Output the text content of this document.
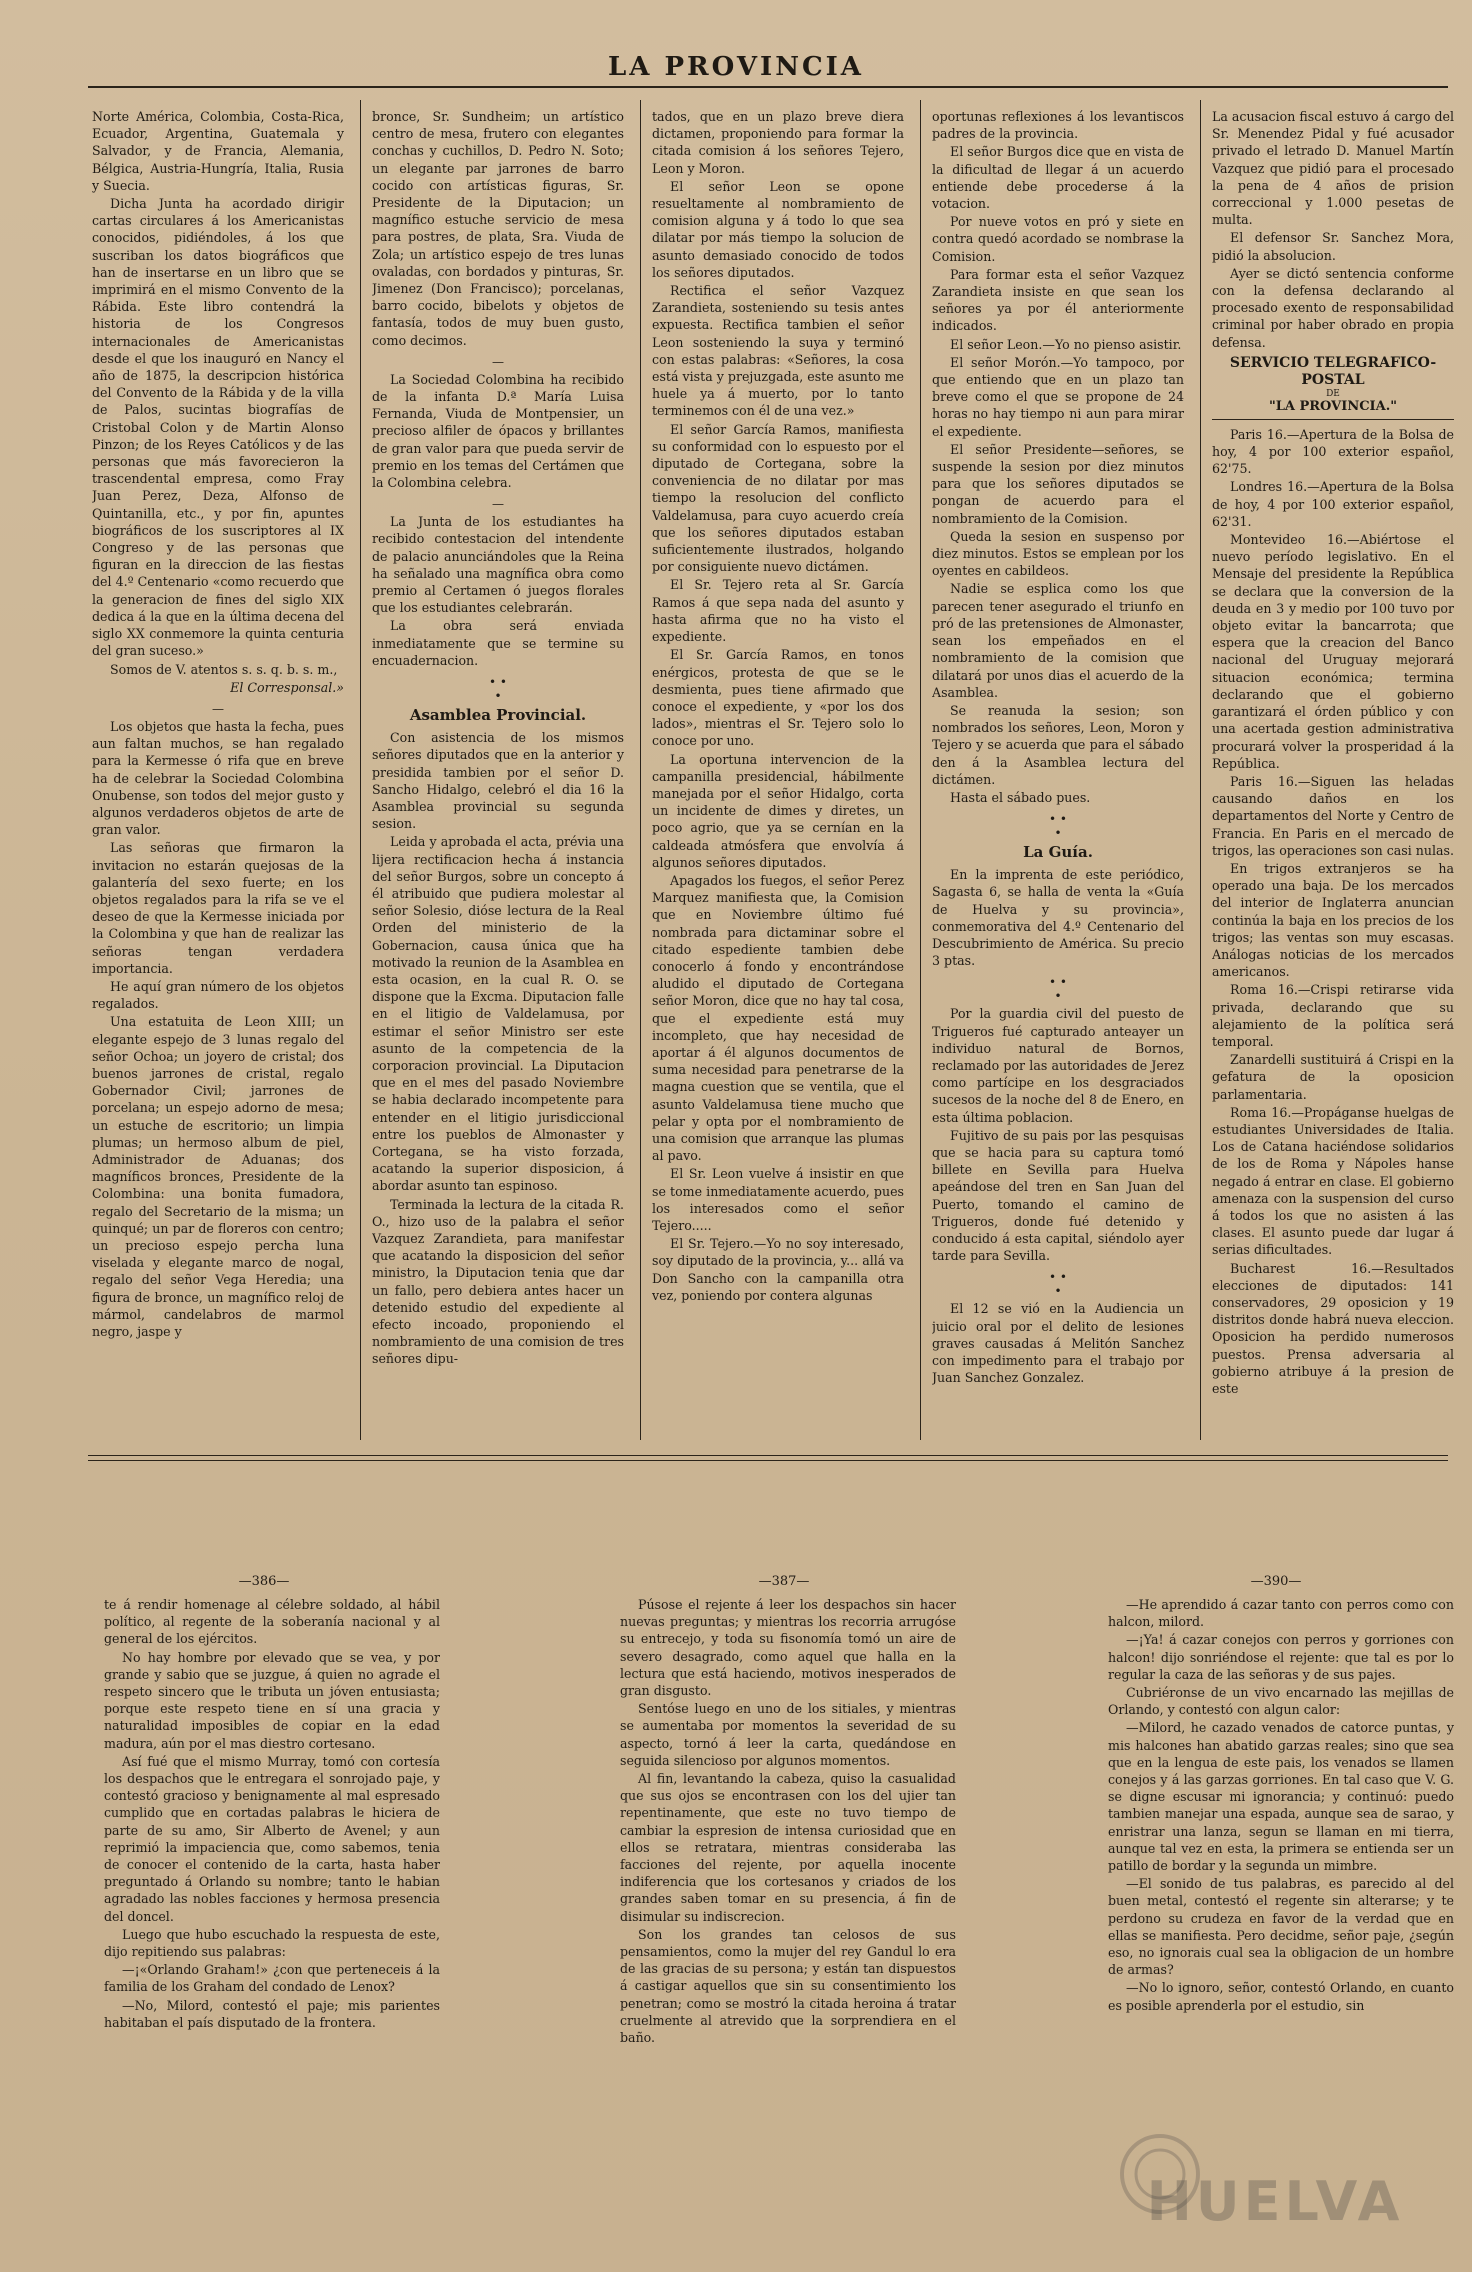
LA PROVINCIA

Norte América, Colombia, Costa-Rica, Ecuador, Argentina, Guatemala y Salvador, y de Francia, Alemania, Bélgica, Austria-Hungría, Italia, Rusia y Suecia.

Dicha Junta ha acordado dirigir cartas circulares á los Americanistas conocidos, pidiéndoles, á los que suscriban los datos biográficos que han de insertarse en un libro que se imprimirá en el mismo Convento de la Rábida. Este libro contendrá la historia de los Congresos internacionales de Americanistas desde el que los inauguró en Nancy el año de 1875, la descripcion histórica del Convento de la Rábida y de la villa de Palos, sucintas biografías de Cristobal Colon y de Martin Alonso Pinzon; de los Reyes Católicos y de las personas que más favorecieron la trascendental empresa, como Fray Juan Perez, Deza, Alfonso de Quintanilla, etc., y por fin, apuntes biográficos de los suscriptores al IX Congreso y de las personas que figuran en la direccion de las fiestas del 4.º Centenario «como recuerdo que la generacion de fines del siglo XIX dedica á la que en la última decena del siglo XX conmemore la quinta centuria del gran suceso.»

Somos de V. atentos s. s. q. b. s. m.,

El Corresponsal.»
—

Los objetos que hasta la fecha, pues aun faltan muchos, se han regalado para la Kermesse ó rifa que en breve ha de celebrar la Sociedad Colombina Onubense, son todos del mejor gusto y algunos verdaderos objetos de arte de gran valor.

Las señoras que firmaron la invitacion no estarán quejosas de la galantería del sexo fuerte; en los objetos regalados para la rifa se ve el deseo de que la Kermesse iniciada por la Colombina y que han de realizar las señoras tengan verdadera importancia.

He aquí gran número de los objetos regalados.

Una estatuita de Leon XIII; un elegante espejo de 3 lunas regalo del señor Ochoa; un joyero de cristal; dos buenos jarrones de cristal, regalo Gobernador Civil; jarrones de porcelana; un espejo adorno de mesa; un estuche de escritorio; un limpia plumas; un hermoso album de piel, Administrador de Aduanas; dos magníficos bronces, Presidente de la Colombina: una bonita fumadora, regalo del Secretario de la misma; un quinqué; un par de floreros con centro; un precioso espejo percha luna viselada y elegante marco de nogal, regalo del señor Vega Heredia; una figura de bronce, un magnífico reloj de mármol, candelabros de marmol negro, jaspe y

bronce, Sr. Sundheim; un artístico centro de mesa, frutero con elegantes conchas y cuchillos, D. Pedro N. Soto; un elegante par jarrones de barro cocido con artísticas figuras, Sr. Presidente de la Diputacion; un magnífico estuche servicio de mesa para postres, de plata, Sra. Viuda de Zola; un artístico espejo de tres lunas ovaladas, con bordados y pinturas, Sr. Jimenez (Don Francisco); porcelanas, barro cocido, bibelots y objetos de fantasía, todos de muy buen gusto, como decimos.

—

La Sociedad Colombina ha recibido de la infanta D.ª María Luisa Fernanda, Viuda de Montpensier, un precioso alfiler de ópacos y brillantes de gran valor para que pueda servir de premio en los temas del Certámen que la Colombina celebra.

—

La Junta de los estudiantes ha recibido contestacion del intendente de palacio anunciándoles que la Reina ha señalado una magnífica obra como premio al Certamen ó juegos florales que los estudiantes celebrarán.

La obra será enviada inmediatamente que se termine su encuadernacion.

• •
•
Asamblea Provincial.

Con asistencia de los mismos señores diputados que en la anterior y presidida tambien por el señor D. Sancho Hidalgo, celebró el dia 16 la Asamblea provincial su segunda sesion.

Leida y aprobada el acta, prévia una lijera rectificacion hecha á instancia del señor Burgos, sobre un concepto á él atribuido que pudiera molestar al señor Solesio, dióse lectura de la Real Orden del ministerio de la Gobernacion, causa única que ha motivado la reunion de la Asamblea en esta ocasion, en la cual R. O. se dispone que la Excma. Diputacion falle en el litigio de Valdelamusa, por estimar el señor Ministro ser este asunto de la competencia de la corporacion provincial. La Diputacion que en el mes del pasado Noviembre se habia declarado incompetente para entender en el litigio jurisdiccional entre los pueblos de Almonaster y Cortegana, se ha visto forzada, acatando la superior disposicion, á abordar asunto tan espinoso.

Terminada la lectura de la citada R. O., hizo uso de la palabra el señor Vazquez Zarandieta, para manifestar que acatando la disposicion del señor ministro, la Diputacion tenia que dar un fallo, pero debiera antes hacer un detenido estudio del expediente al efecto incoado, proponiendo el nombramiento de una comision de tres señores dipu-

tados, que en un plazo breve diera dictamen, proponiendo para formar la citada comision á los señores Tejero, Leon y Moron.

El señor Leon se opone resueltamente al nombramiento de comision alguna y á todo lo que sea dilatar por más tiempo la solucion de asunto demasiado conocido de todos los señores diputados.

Rectifica el señor Vazquez Zarandieta, sosteniendo su tesis antes expuesta. Rectifica tambien el señor Leon sosteniendo la suya y terminó con estas palabras: «Señores, la cosa está vista y prejuzgada, este asunto me huele ya á muerto, por lo tanto terminemos con él de una vez.»

El señor García Ramos, manifiesta su conformidad con lo espuesto por el diputado de Cortegana, sobre la conveniencia de no dilatar por mas tiempo la resolucion del conflicto Valdelamusa, para cuyo acuerdo creía que los señores diputados estaban suficientemente ilustrados, holgando por consiguiente nuevo dictámen.

El Sr. Tejero reta al Sr. García Ramos á que sepa nada del asunto y hasta afirma que no ha visto el expediente.

El Sr. García Ramos, en tonos enérgicos, protesta de que se le desmienta, pues tiene afirmado que conoce el expediente, y «por los dos lados», mientras el Sr. Tejero solo lo conoce por uno.

La oportuna intervencion de la campanilla presidencial, hábilmente manejada por el señor Hidalgo, corta un incidente de dimes y diretes, un poco agrio, que ya se cernían en la caldeada atmósfera que envolvía á algunos señores diputados.

Apagados los fuegos, el señor Perez Marquez manifiesta que, la Comision que en Noviembre último fué nombrada para dictaminar sobre el citado espediente tambien debe conocerlo á fondo y encontrándose aludido el diputado de Cortegana señor Moron, dice que no hay tal cosa, que el expediente está muy incompleto, que hay necesidad de aportar á él algunos documentos de suma necesidad para penetrarse de la magna cuestion que se ventila, que el asunto Valdelamusa tiene mucho que pelar y opta por el nombramiento de una comision que arranque las plumas al pavo.

El Sr. Leon vuelve á insistir en que se tome inmediatamente acuerdo, pues los interesados como el señor Tejero.....

El Sr. Tejero.—Yo no soy interesado, soy diputado de la provincia, y... allá va Don Sancho con la campanilla otra vez, poniendo por contera algunas

oportunas reflexiones á los levantiscos padres de la provincia.

El señor Burgos dice que en vista de la dificultad de llegar á un acuerdo entiende debe procederse á la votacion.

Por nueve votos en pró y siete en contra quedó acordado se nombrase la Comision.

Para formar esta el señor Vazquez Zarandieta insiste en que sean los señores ya por él anteriormente indicados.

El señor Leon.—Yo no pienso asistir.

El señor Morón.—Yo tampoco, por que entiendo que en un plazo tan breve como el que se propone de 24 horas no hay tiempo ni aun para mirar el expediente.

El señor Presidente—señores, se suspende la sesion por diez minutos para que los señores diputados se pongan de acuerdo para el nombramiento de la Comision.

Queda la sesion en suspenso por diez minutos. Estos se emplean por los oyentes en cabildeos.

Nadie se esplica como los que parecen tener asegurado el triunfo en pró de las pretensiones de Almonaster, sean los empeñados en el nombramiento de la comision que dilatará por unos dias el acuerdo de la Asamblea.

Se reanuda la sesion; son nombrados los señores, Leon, Moron y Tejero y se acuerda que para el sábado den á la Asamblea lectura del dictámen.

Hasta el sábado pues.

• •
•
La Guía.

En la imprenta de este periódico, Sagasta 6, se halla de venta la «Guía de Huelva y su provincia», conmemorativa del 4.º Centenario del Descubrimiento de América. Su precio 3 ptas.

• •
•

Por la guardia civil del puesto de Trigueros fué capturado anteayer un individuo natural de Bornos, reclamado por las autoridades de Jerez como partícipe en los desgraciados sucesos de la noche del 8 de Enero, en esta última poblacion.

Fujitivo de su pais por las pesquisas que se hacia para su captura tomó billete en Sevilla para Huelva apeándose del tren en San Juan del Puerto, tomando el camino de Trigueros, donde fué detenido y conducido á esta capital, siéndolo ayer tarde para Sevilla.

• •
•

El 12 se vió en la Audiencia un juicio oral por el delito de lesiones graves causadas á Melitón Sanchez con impedimento para el trabajo por Juan Sanchez Gonzalez.

La acusacion fiscal estuvo á cargo del Sr. Menendez Pidal y fué acusador privado el letrado D. Manuel Martín Vazquez que pidió para el procesado la pena de 4 años de prision correccional y 1.000 pesetas de multa.

El defensor Sr. Sanchez Mora, pidió la absolucion.

Ayer se dictó sentencia conforme con la defensa declarando al procesado exento de responsabilidad criminal por haber obrado en propia defensa.

SERVICIO TELEGRAFICO-POSTAL
DE
"LA PROVINCIA."

Paris 16.—Apertura de la Bolsa de hoy, 4 por 100 exterior español, 62'75.

Londres 16.—Apertura de la Bolsa de hoy, 4 por 100 exterior español, 62'31.

Montevideo 16.—Abiértose el nuevo período legislativo. En el Mensaje del presidente la República se declara que la conversion de la deuda en 3 y medio por 100 tuvo por objeto evitar la bancarrota; que espera que la creacion del Banco nacional del Uruguay mejorará situacion económica; termina declarando que el gobierno garantizará el órden público y con una acertada gestion administrativa procurará volver la prosperidad á la República.

Paris 16.—Siguen las heladas causando daños en los departamentos del Norte y Centro de Francia. En Paris en el mercado de trigos, las operaciones son casi nulas.

En trigos extranjeros se ha operado una baja. De los mercados del interior de Inglaterra anuncian continúa la baja en los precios de los trigos; las ventas son muy escasas. Análogas noticias de los mercados americanos.

Roma 16.—Crispi retirarse vida privada, declarando que su alejamiento de la política será temporal.

Zanardelli sustituirá á Crispi en la gefatura de la oposicion parlamentaria.

Roma 16.—Propáganse huelgas de estudiantes Universidades de Italia. Los de Catana haciéndose solidarios de los de Roma y Nápoles hanse negado á entrar en clase. El gobierno amenaza con la suspension del curso á todos los que no asisten á las clases. El asunto puede dar lugar á serias dificultades.

Bucharest 16.—Resultados elecciones de diputados: 141 conservadores, 29 oposicion y 19 distritos donde habrá nueva eleccion. Oposicion ha perdido numerosos puestos. Prensa adversaria al gobierno atribuye á la presion de este

—386—	—387—	—390—

te á rendir homenage al célebre soldado, al hábil político, al regente de la soberanía nacional y al general de los ejércitos.

No hay hombre por elevado que se vea, y por grande y sabio que se juzgue, á quien no agrade el respeto sincero que le tributa un jóven entusiasta; porque este respeto tiene en sí una gracia y naturalidad imposibles de copiar en la edad madura, aún por el mas diestro cortesano.

Así fué que el mismo Murray, tomó con cortesía los despachos que le entregara el sonrojado paje, y contestó gracioso y benignamente al mal espresado cumplido que en cortadas palabras le hiciera de parte de su amo, Sir Alberto de Avenel; y aun reprimió la impaciencia que, como sabemos, tenia de conocer el contenido de la carta, hasta haber preguntado á Orlando su nombre; tanto le habian agradado las nobles facciones y hermosa presencia del doncel.

Luego que hubo escuchado la respuesta de este, dijo repitiendo sus palabras:

—¡«Orlando Graham!» ¿con que perteneceis á la familia de los Graham del condado de Lenox?

—No, Milord, contestó el paje; mis parientes habitaban el país disputado de la frontera.

Púsose el rejente á leer los despachos sin hacer nuevas preguntas; y mientras los recorria arrugóse su entrecejo, y toda su fisonomía tomó un aire de severo desagrado, como aquel que halla en la lectura que está haciendo, motivos inesperados de gran disgusto.

Sentóse luego en uno de los sitiales, y mientras se aumentaba por momentos la severidad de su aspecto, tornó á leer la carta, quedándose en seguida silencioso por algunos momentos.

Al fin, levantando la cabeza, quiso la casualidad que sus ojos se encontrasen con los del ujier tan repentinamente, que este no tuvo tiempo de cambiar la espresion de intensa curiosidad que en ellos se retratara, mientras consideraba las facciones del rejente, por aquella inocente indiferencia que los cortesanos y criados de los grandes saben tomar en su presencia, á fin de disimular su indiscrecion.

Son los grandes tan celosos de sus pensamientos, como la mujer del rey Gandul lo era de las gracias de su persona; y están tan dispuestos á castigar aquellos que sin su consentimiento los penetran; como se mostró la citada heroina á tratar cruelmente al atrevido que la sorprendiera en el baño.

—He aprendido á cazar tanto con perros como con halcon, milord.

—¡Ya! á cazar conejos con perros y gorriones con halcon! dijo sonriéndose el rejente: que tal es por lo regular la caza de las señoras y de sus pajes.

Cubriéronse de un vivo encarnado las mejillas de Orlando, y contestó con algun calor:

—Milord, he cazado venados de catorce puntas, y mis halcones han abatido garzas reales; sino que sea que en la lengua de este pais, los venados se llamen conejos y á las garzas gorriones. En tal caso que V. G. se digne escusar mi ignorancia; y continuó: puedo tambien manejar una espada, aunque sea de sarao, y enristrar una lanza, segun se llaman en mi tierra, aunque tal vez en esta, la primera se entienda ser un patillo de bordar y la segunda un mimbre.

—El sonido de tus palabras, es parecido al del buen metal, contestó el regente sin alterarse; y te perdono su crudeza en favor de la verdad que en ellas se manifiesta. Pero decidme, señor paje, ¿según eso, no ignorais cual sea la obligacion de un hombre de armas?

—No lo ignoro, señor, contestó Orlando, en cuanto es posible aprenderla por el estudio, sin

HUELVA
